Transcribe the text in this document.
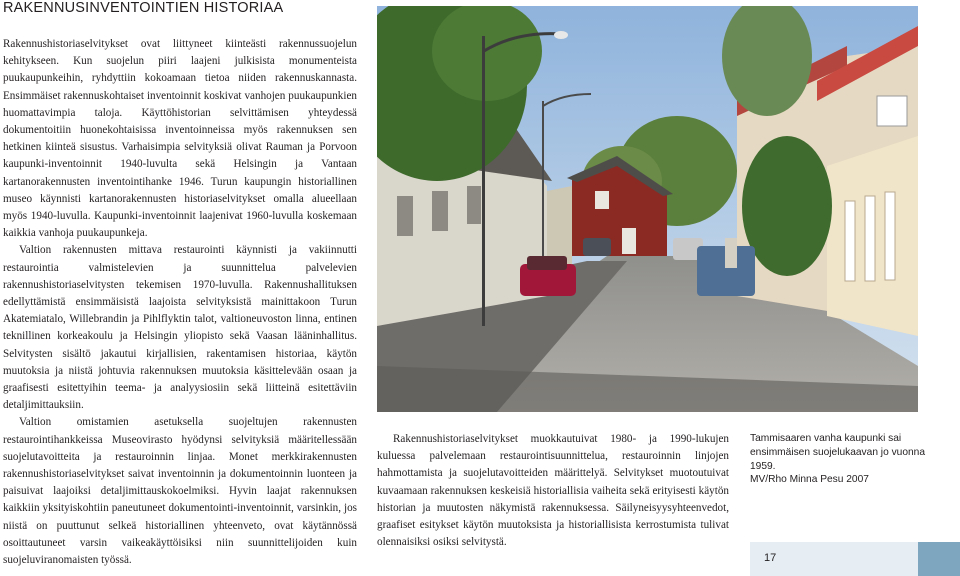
RAKENNUSINVENTOINTIEN HISTORIAA

Rakennushistoriaselvitykset ovat liittyneet kiinteästi rakennussuojelun kehitykseen. Kun suojelun piiri laajeni julkisista monumenteista puukaupunkeihin, ryhdyttiin kokoamaan tietoa niiden rakennuskannasta. Ensimmäiset rakennuskohtaiset inventoinnit koskivat vanhojen puukaupunkien huomattavimpia taloja. Käyttöhistorian selvittämisen yhteydessä dokumentoitiin huonekohtaisissa inventoinneissa myös rakennuksen sen hetkinen kiinteä sisustus. Varhaisimpia selvityksiä olivat Rauman ja Porvoon kaupunki-inventoinnit 1940-luvulta sekä Helsingin ja Vantaan kartanorakennusten inventointihanke 1946. Turun kaupungin historiallinen museo käynnisti kartanorakennusten historiaselvitykset omalla alueellaan myös 1940-luvulla. Kaupunki-inventoinnit laajenivat 1960-luvulla koskemaan kaikkia vanhoja puukaupunkeja.

Valtion rakennusten mittava restaurointi käynnisti ja vakiinnutti restaurointia valmistelevien ja suunnittelua palvelevien rakennushistoriaselvitysten tekemisen 1970-luvulla. Rakennushallituksen edellyttämistä ensimmäisistä laajoista selvityksistä mainittakoon Turun Akatemiatalo, Willebrandin ja Pihlflyktin talot, valtioneuvoston linna, entinen teknillinen korkeakoulu ja Helsingin yliopisto sekä Vaasan lääninhallitus. Selvitysten sisältö jakautui kirjallisien, rakentamisen historiaa, käytön muutoksia ja niistä johtuvia rakennuksen muutoksia käsittelevään osaan ja graafisesti esitettyihin teema- ja analyysiosiin sekä liitteinä esitettäviin detaljimittauksiin.

Valtion omistamien asetuksella suojeltujen rakennusten restaurointihankkeissa Museovirasto hyödynsi selvityksiä määritellessään suojelutavoitteita ja restauroinnin linjaa. Monet merkkirakennusten rakennushistoriaselvitykset saivat inventoinnin ja dokumentoinnin luonteen ja paisuivat laajoiksi detaljimittauskokoelmiksi. Hyvin laajat rakennuksen kaikkiin yksityiskohtiin paneutuneet dokumentointi-inventoinnit, varsinkin, jos niistä on puuttunut selkeä historiallinen yhteenveto, ovat käytännössä osoittautuneet varsin vaikeakäyttöisiksi niin suunnittelijoiden kuin suojeluviranomaisten työssä.

Rakennushistoriaselvitykset muokkautuivat 1980- ja 1990-lukujen kuluessa palvelemaan restaurointisuunnittelua, restauroinnin linjojen hahmottamista ja suojelutavoitteiden määrittelyä. Selvitykset muotoutuivat kuvaamaan rakennuksen keskeisiä historiallisia vaiheita sekä erityisesti käytön historian ja muutosten näkymistä rakennuksessa. Säilyneisyysyhteenvedot, graafiset esitykset käytön muutoksista ja historiallisista kerrostumista tulivat olennaisiksi osiksi selvitystä.

Tammisaaren vanha kaupunki sai ensimmäisen suojelukaavan jo vuonna 1959.
MV/Rho Minna Pesu 2007
17
